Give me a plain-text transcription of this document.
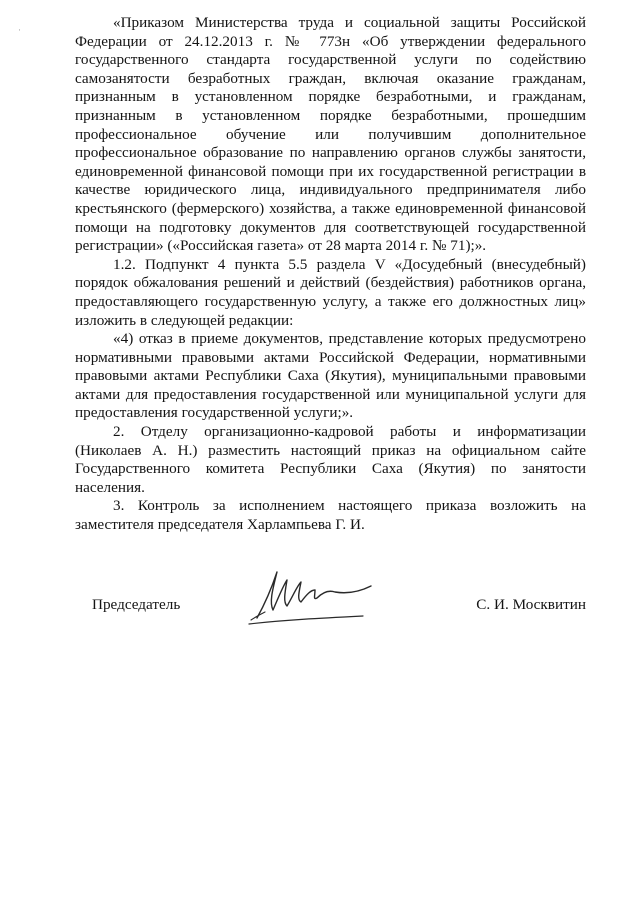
·	«Приказом Министерства труда и социальной защиты Российской Федерации от 24.12.2013 г. № 773н «Об утверждении федерального государственного стандарта государственной услуги по содействию самозанятости безработных граждан, включая оказание гражданам, признанным в установленном порядке безработными, и гражданам, признанным в установленном порядке безработными, прошедшим профессиональное обучение или получившим дополнительное профессиональное образование по направлению органов службы занятости, единовременной финансовой помощи при их государственной регистрации в качестве юридического лица, индивидуального предпринимателя либо крестьянского (фермерского) хозяйства, а также единовременной финансовой помощи на подготовку документов для соответствующей государственной регистрации» («Российская газета» от 28 марта 2014 г. № 71);».

1.2. Подпункт 4 пункта 5.5 раздела V «Досудебный (внесудебный) порядок обжалования решений и действий (бездействия) работников органа, предоставляющего государственную услугу, а также его должностных лиц» изложить в следующей редакции:

«4) отказ в приеме документов, представление которых предусмотрено нормативными правовыми актами Российской Федерации, нормативными правовыми актами Республики Саха (Якутия), муниципальными правовыми актами для предоставления государственной или муниципальной услуги для предоставления государственной услуги;».

2. Отделу организационно-кадровой работы и информатизации (Николаев А. Н.) разместить настоящий приказ на официальном сайте Государственного комитета Республики Саха (Якутия) по занятости населения.

3. Контроль за исполнением настоящего приказа возложить на заместителя председателя Харлампьева Г. И.

Председатель	С. И. Москвитин
